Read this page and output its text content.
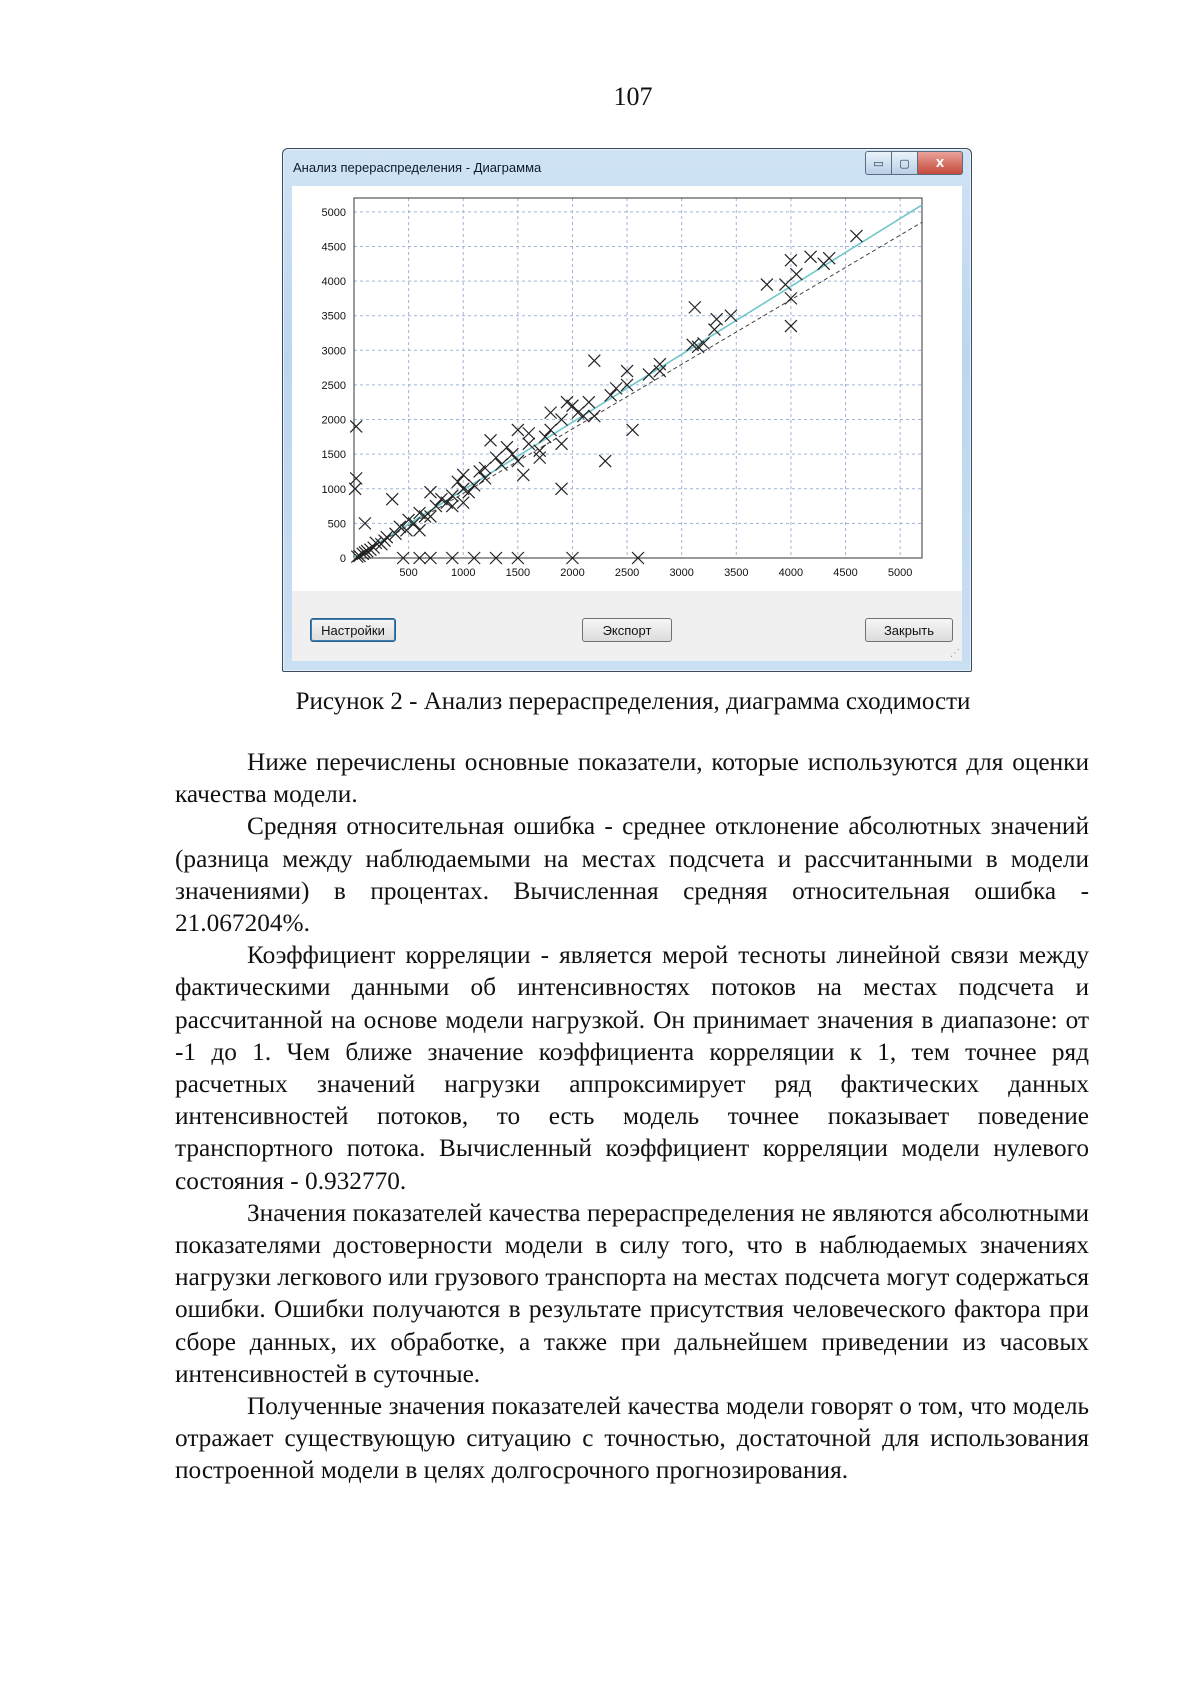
107
Анализ перераспределения - Диаграмма	▭	▢	X
500	1000	1500	2000	2500	3000	3500	4000	4500	5000
0
500
1000
1500
2000
2500
3000
3500
4000
4500
5000
Настройки	Экспорт	Закрыть
⋰
Рисунок 2 - Анализ перераспределения, диаграмма сходимости

Ниже перечислены основные показатели, которые используются для оценки качества модели.

Средняя относительная ошибка - среднее отклонение абсолютных значений (разница между наблюдаемыми на местах подсчета и рассчитанными в модели значениями) в процентах. Вычисленная средняя относительная ошибка - 21.067204%.

Коэффициент корреляции - является мерой тесноты линейной связи между фактическими данными об интенсивностях потоков на местах подсчета и рассчитанной на основе модели нагрузкой. Он принимает значения в диапазоне: от -1 до 1. Чем ближе значение коэффициента корреляции к 1, тем точнее ряд расчетных значений нагрузки аппроксимирует ряд фактических данных интенсивностей потоков, то есть модель точнее показывает поведение транспортного потока. Вычисленный коэффициент корреляции модели нулевого состояния - 0.932770.

Значения показателей качества перераспределения не являются абсолютными показателями достоверности модели в силу того, что в наблюдаемых значениях нагрузки легкового или грузового транспорта на местах подсчета могут содержаться ошибки. Ошибки получаются в результате присутствия человеческого фактора при сборе данных, их обработке, а также при дальнейшем приведении из часовых интенсивностей в суточные.

Полученные значения показателей качества модели говорят о том, что модель отражает существующую ситуацию с точностью, достаточной для использования построенной модели в целях долгосрочного прогнозирования.
